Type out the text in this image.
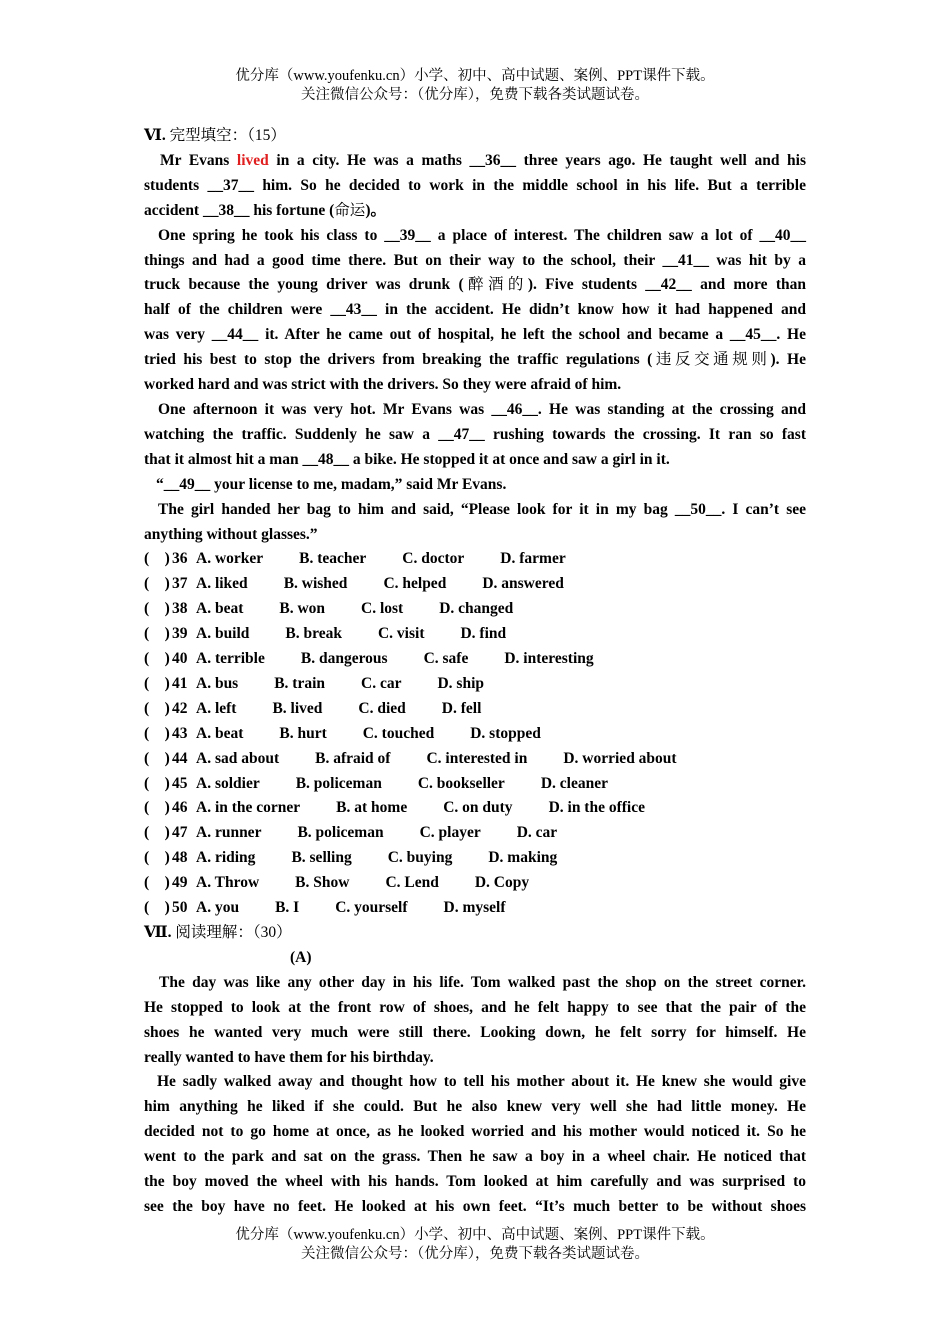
优分库（www.youfenku.cn）小学、初中、高中试题、案例、PPT课件下载。
关注微信公众号：（优分库），免费下载各类试题试卷。
Ⅵ. 完型填空：（15）
Mr Evans lived in a city. He was a maths __36__ three years ago. He taught well and his
students __37__ him. So he decided to work in the middle school in his life. But a terrible
accident __38__ his fortune (命运)。
One spring he took his class to __39__ a place of interest. The children saw a lot of __40__
things and had a good time there. But on their way to the school, their __41__ was hit by a
truck because the young driver was drunk (醉酒的). Five students __42__ and more than
half of the children were __43__ in the accident. He didn’t know how it had happened and
was very __44__ it. After he came out of hospital, he left the school and became a __45__. He
tried his best to stop the drivers from breaking the traffic regulations (违反交通规则). He
worked hard and was strict with the drivers. So they were afraid of him.
One afternoon it was very hot. Mr Evans was __46__. He was standing at the crossing and
watching the traffic. Suddenly he saw a __47__ rushing towards the crossing. It ran so fast
that it almost hit a man __48__ a bike. He stopped it at once and saw a girl in it.
“__49__ your license to me, madam,” said Mr Evans.
The girl handed her bag to him and said, “Please look for it in my bag __50__. I can’t see
anything without glasses.”
(    ) 36 A. worker	B. teacher	C. doctor	D. farmer
(    ) 37 A. liked	B. wished	C. helped	D. answered
(    ) 38 A. beat	B. won	C. lost	D. changed
(    ) 39 A. build	B. break	C. visit	D. find
(    ) 40 A. terrible	B. dangerous	C. safe	D. interesting
(    ) 41 A. bus	B. train	C. car	D. ship
(    ) 42 A. left	B. lived	C. died	D. fell
(    ) 43 A. beat	B. hurt	C. touched	D. stopped
(    ) 44 A. sad about	B. afraid of	C. interested in	D. worried about
(    ) 45 A. soldier	B. policeman	C. bookseller	D. cleaner
(    ) 46 A. in the corner	B. at home	C. on duty	D. in the office
(    ) 47 A. runner	B. policeman	C. player	D. car
(    ) 48 A. riding	B. selling	C. buying	D. making
(    ) 49 A. Throw	B. Show	C. Lend	D. Copy
(    ) 50 A. you	B. I	C. yourself	D. myself
Ⅶ. 阅读理解：（30）
(A)
The day was like any other day in his life. Tom walked past the shop on the street corner.
He stopped to look at the front row of shoes, and he felt happy to see that the pair of the
shoes he wanted very much were still there. Looking down, he felt sorry for himself. He
really wanted to have them for his birthday.
He sadly walked away and thought how to tell his mother about it. He knew she would give
him anything he liked if she could. But he also knew very well she had little money. He
decided not to go home at once, as he looked worried and his mother would noticed it. So he
went to the park and sat on the grass. Then he saw a boy in a wheel chair. He noticed that
the boy moved the wheel with his hands. Tom looked at him carefully and was surprised to
see the boy have no feet. He looked at his own feet. “It’s much better to be without shoes
优分库（www.youfenku.cn）小学、初中、高中试题、案例、PPT课件下载。
关注微信公众号：（优分库），免费下载各类试题试卷。
